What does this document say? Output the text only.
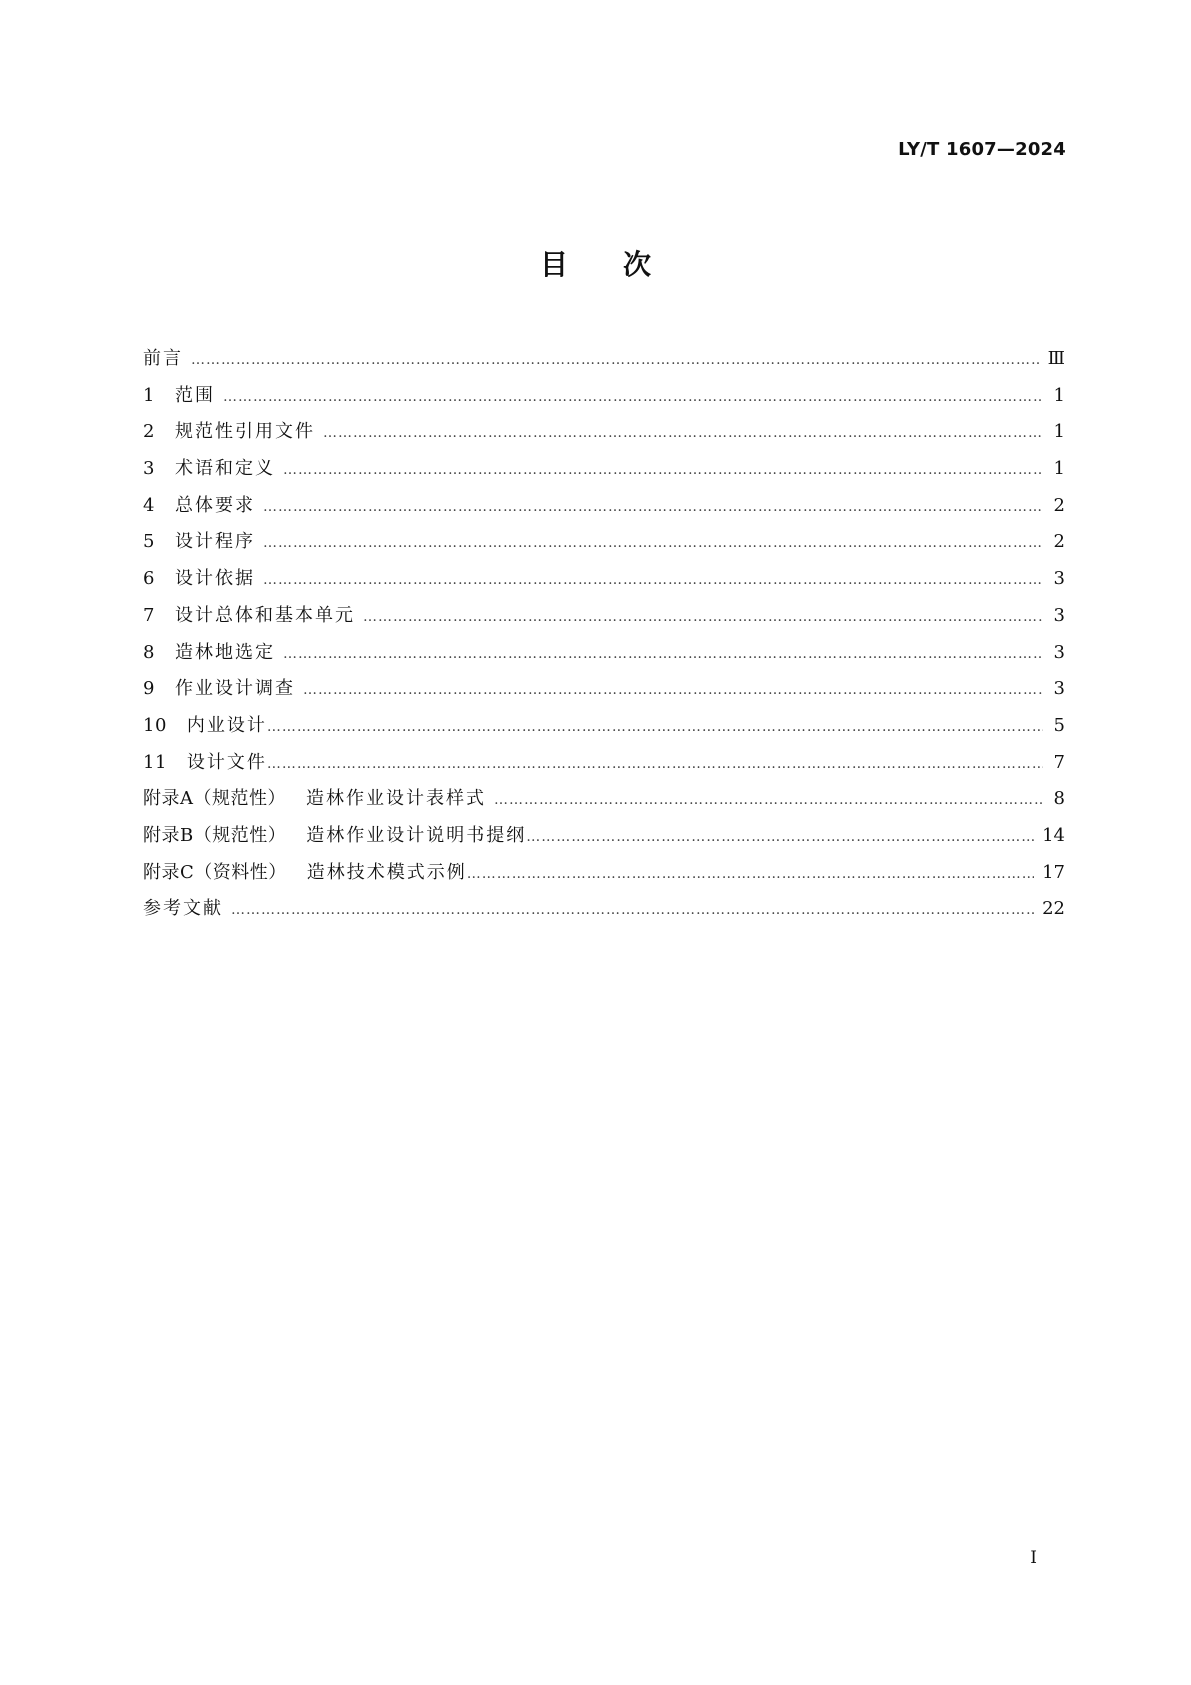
LY/T 1607—2024
目次
前言 …………………………………………………………………………………………………………………………………………………………………………………………………………………………………………	Ⅲ
1 范围 …………………………………………………………………………………………………………………………………………………………………………………………………………………………………………	1
2 规范性引用文件 …………………………………………………………………………………………………………………………………………………………………………………………………………………………………………	1
3 术语和定义 …………………………………………………………………………………………………………………………………………………………………………………………………………………………………………	1
4 总体要求 …………………………………………………………………………………………………………………………………………………………………………………………………………………………………………	2
5 设计程序 …………………………………………………………………………………………………………………………………………………………………………………………………………………………………………	2
6 设计依据 …………………………………………………………………………………………………………………………………………………………………………………………………………………………………………	3
7 设计总体和基本单元 …………………………………………………………………………………………………………………………………………………………………………………………………………………………………………	3
8 造林地选定 …………………………………………………………………………………………………………………………………………………………………………………………………………………………………………	3
9 作业设计调查 …………………………………………………………………………………………………………………………………………………………………………………………………………………………………………	3
10 内业设计 …………………………………………………………………………………………………………………………………………………………………………………………………………………………………………	5
11 设计文件 …………………………………………………………………………………………………………………………………………………………………………………………………………………………………………	7
附录A（规范性） 造林作业设计表样式 …………………………………………………………………………………………………………………………………………………………………………………………………………………………………………	8
附录B（规范性） 造林作业设计说明书提纲 …………………………………………………………………………………………………………………………………………………………………………………………………………………………………………	14
附录C（资料性） 造林技术模式示例 …………………………………………………………………………………………………………………………………………………………………………………………………………………………………………	17
参考文献 …………………………………………………………………………………………………………………………………………………………………………………………………………………………………………	22
Ⅰ
